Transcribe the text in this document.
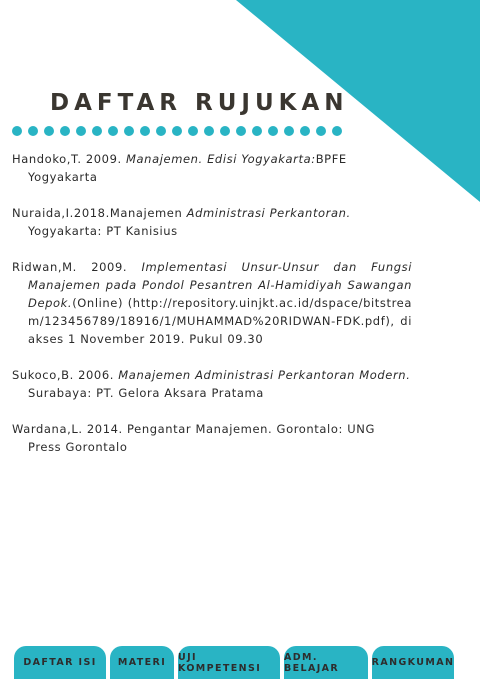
DAFTAR RUJUKAN

Handoko,T. 2009. Manajemen. Edisi Yogyakarta:BPFE Yogyakarta

Nuraida,I.2018.Manajemen Administrasi Perkantoran. Yogyakarta: PT Kanisius

Ridwan,M. 2009. Implementasi Unsur-Unsur dan Fungsi Manajemen pada Pondol Pesantren Al-Hamidiyah Sawangan Depok.(Online) (http://repository.uinjkt.ac.id/dspace/bitstream/123456789/18916/1/MUHAMMAD%20RIDWAN-FDK.pdf), diakses 1 November 2019. Pukul 09.30

Sukoco,B. 2006. Manajemen Administrasi Perkantoran Modern. Surabaya: PT. Gelora Aksara Pratama

Wardana,L. 2014. Pengantar Manajemen. Gorontalo: UNG Press Gorontalo

DAFTAR ISI	MATERI	UJI KOMPETENSI
ADM. BELAJAR	RANGKUMAN
